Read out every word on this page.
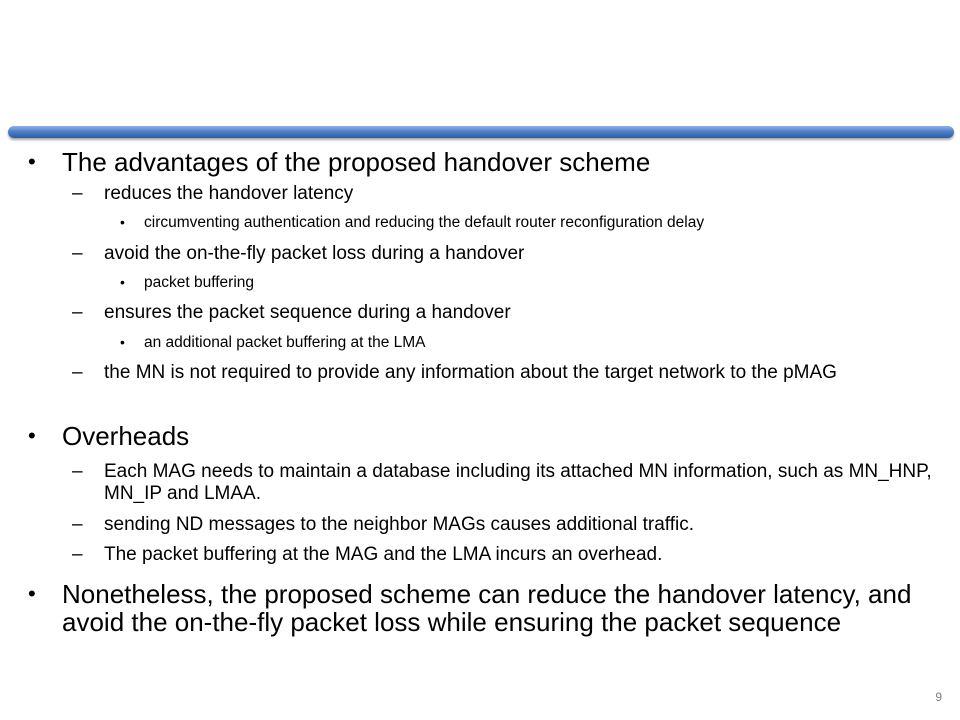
• The advantages of the proposed handover scheme
– reduces the handover latency
• circumventing authentication and reducing the default router reconfiguration delay
– avoid the on-the-fly packet loss during a handover
• packet buffering
– ensures the packet sequence during a handover
• an additional packet buffering at the LMA
– the MN is not required to provide any information about the target network to the pMAG
• Overheads
– Each MAG needs to maintain a database including its attached MN information, such as MN_HNP, MN_IP and LMAA.
– sending ND messages to the neighbor MAGs causes additional traffic.
– The packet buffering at the MAG and the LMA incurs an overhead.
• Nonetheless, the proposed scheme can reduce the handover latency, and avoid the on-the-fly packet loss while ensuring the packet sequence
9
